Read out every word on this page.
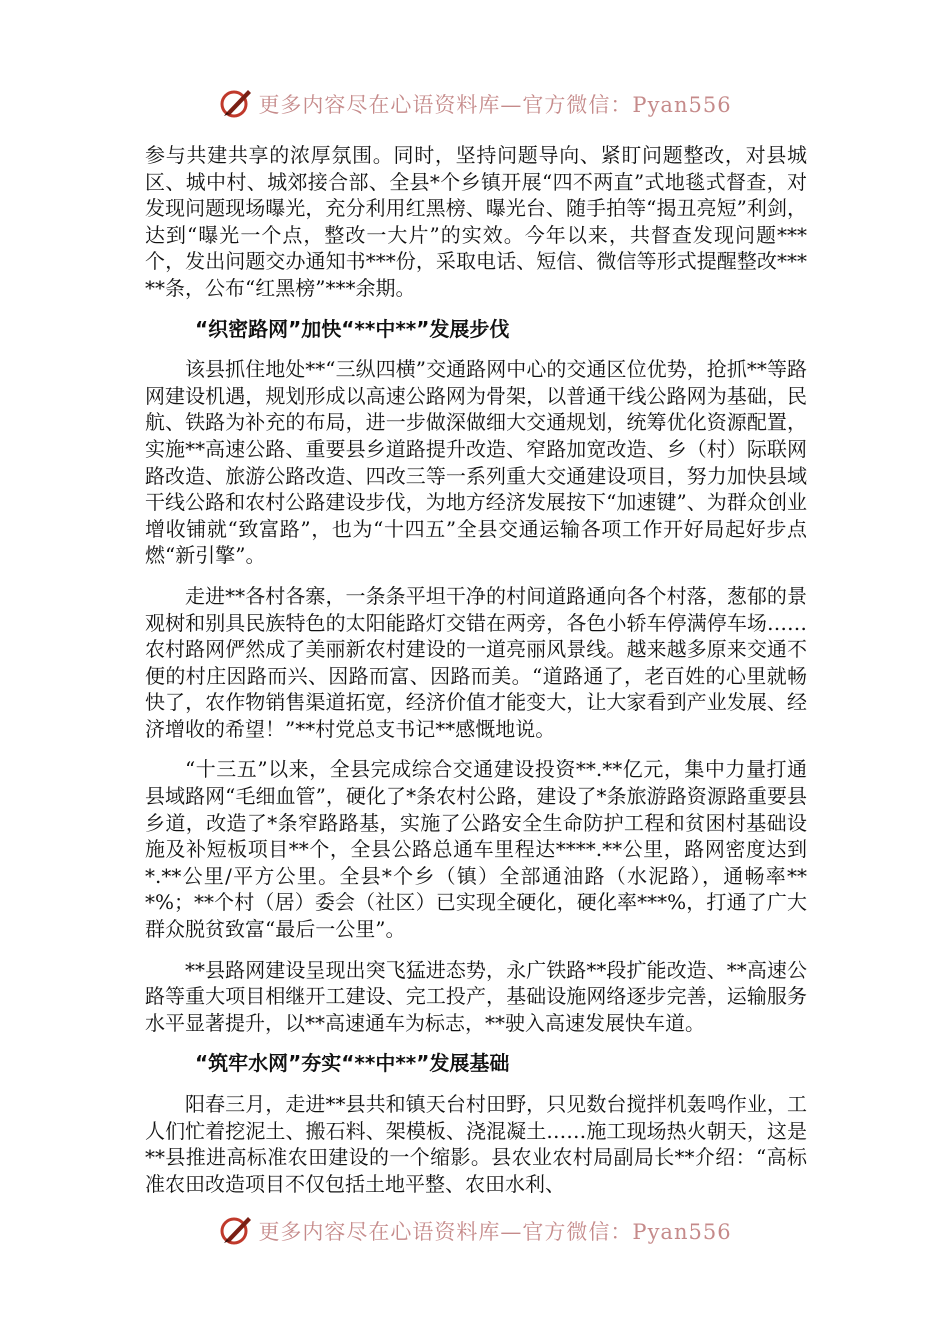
更多内容尽在心语资料库—官方微信：Pyan556

参与共建共享的浓厚氛围。同时，坚持问题导向、紧盯问题整改，对县城区、城中村、城郊接合部、全县*个乡镇开展“四不两直”式地毯式督查，对发现问题现场曝光，充分利用红黑榜、曝光台、随手拍等“揭丑亮短”利剑，达到“曝光一个点，整改一大片”的实效。今年以来，共督查发现问题***个，发出问题交办通知书***份，采取电话、短信、微信等形式提醒整改*****条，公布“红黑榜”***余期。

“织密路网”加快“**中**”发展步伐

该县抓住地处**“三纵四横”交通路网中心的交通区位优势，抢抓**等路网建设机遇，规划形成以高速公路网为骨架，以普通干线公路网为基础，民航、铁路为补充的布局，进一步做深做细大交通规划，统筹优化资源配置，实施**高速公路、重要县乡道路提升改造、窄路加宽改造、乡（村）际联网路改造、旅游公路改造、四改三等一系列重大交通建设项目，努力加快县域干线公路和农村公路建设步伐，为地方经济发展按下“加速键”、为群众创业增收铺就“致富路”，也为“十四五”全县交通运输各项工作开好局起好步点燃“新引擎”。

走进**各村各寨，一条条平坦干净的村间道路通向各个村落，葱郁的景观树和别具民族特色的太阳能路灯交错在两旁，各色小轿车停满停车场……农村路网俨然成了美丽新农村建设的一道亮丽风景线。越来越多原来交通不便的村庄因路而兴、因路而富、因路而美。“道路通了，老百姓的心里就畅快了，农作物销售渠道拓宽，经济价值才能变大，让大家看到产业发展、经济增收的希望！”**村党总支书记**感慨地说。

“十三五”以来，全县完成综合交通建设投资**.**亿元，集中力量打通县域路网“毛细血管”，硬化了*条农村公路，建设了*条旅游路资源路重要县乡道，改造了*条窄路路基，实施了公路安全生命防护工程和贫困村基础设施及补短板项目**个，全县公路总通车里程达****.**公里，路网密度达到*.**公里/平方公里。全县*个乡（镇）全部通油路（水泥路），通畅率***%；**个村（居）委会（社区）已实现全硬化，硬化率***%，打通了广大群众脱贫致富“最后一公里”。

**县路网建设呈现出突飞猛进态势，永广铁路**段扩能改造、**高速公路等重大项目相继开工建设、完工投产，基础设施网络逐步完善，运输服务水平显著提升，以**高速通车为标志，**驶入高速发展快车道。

“筑牢水网”夯实“**中**”发展基础

阳春三月，走进**县共和镇天台村田野，只见数台搅拌机轰鸣作业，工人们忙着挖泥土、搬石料、架模板、浇混凝土……施工现场热火朝天，这是**县推进高标准农田建设的一个缩影。县农业农村局副局长**介绍：“高标准农田改造项目不仅包括土地平整、农田水利、

更多内容尽在心语资料库—官方微信：Pyan556
